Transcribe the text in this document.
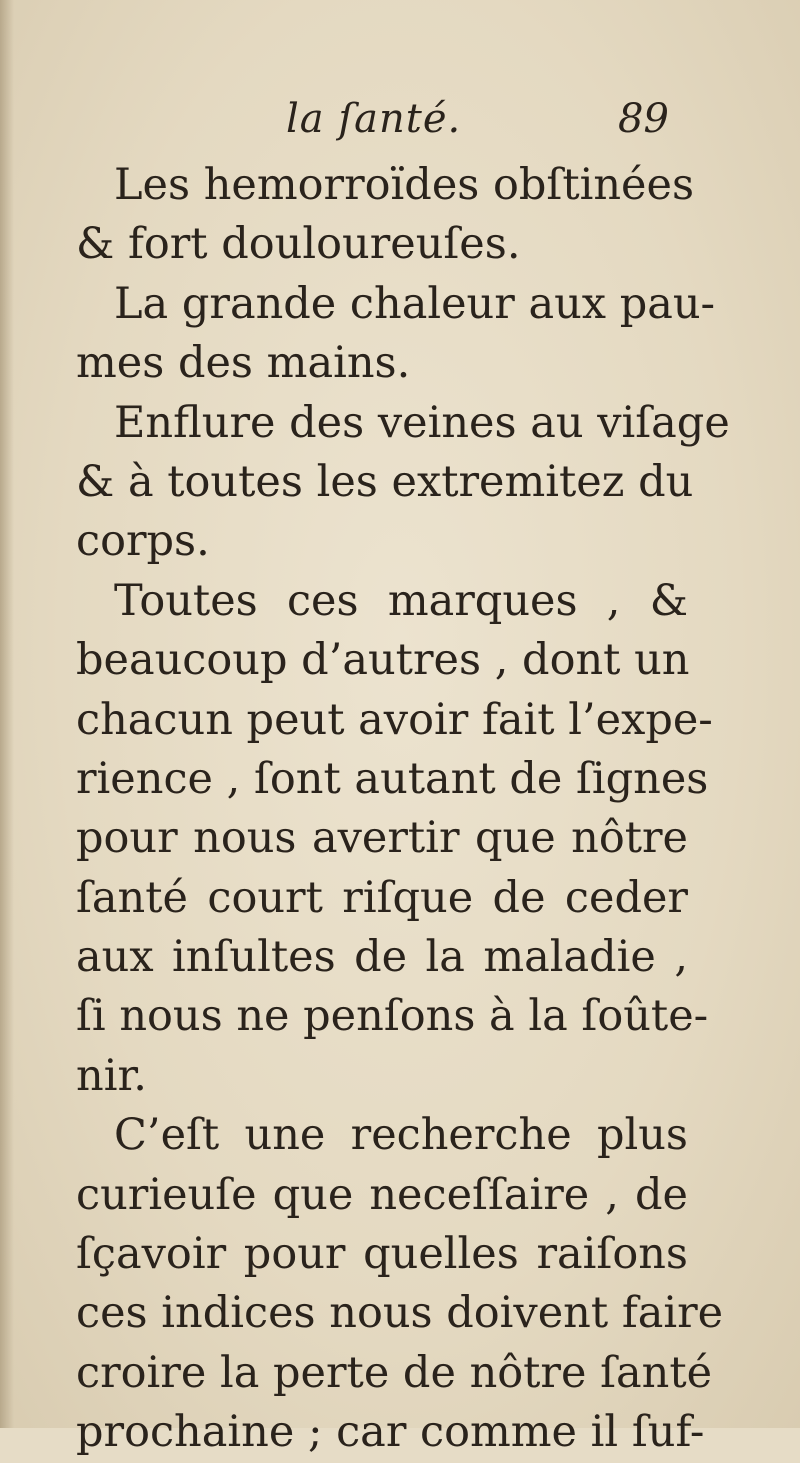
la ſanté.	89
Les hemorroïdes obſtinées
& fort douloureuſes.
La grande chaleur aux pau-
mes des mains.
Enflure des veines au viſage
& à toutes les extremitez du
corps.
Toutes ces marques , &
beaucoup d’autres , dont un
chacun peut avoir fait l’expe-
rience , ſont autant de ſignes
pour nous avertir que nôtre
ſanté court riſque de ceder
aux inſultes de la maladie ,
ſi nous ne penſons à la ſoûte-
nir.
C’eſt une recherche plus
curieuſe que neceſſaire , de
ſçavoir pour quelles raiſons
ces indices nous doivent faire
croire la perte de nôtre ſanté
prochaine ; car comme il ſuf-
